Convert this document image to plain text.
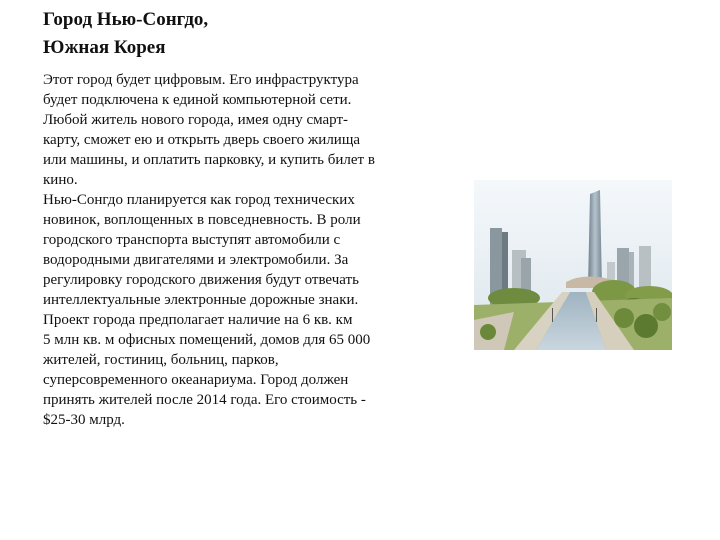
Город Нью-Сонгдо,
Южная Корея

Этот город будет цифровым. Его инфраструктура
будет подключена к единой компьютерной сети.
Любой житель нового города, имея одну смарт-
карту, сможет ею и открыть дверь своего жилища
или машины, и оплатить парковку, и купить билет в
кино.

Нью-Сонгдо планируется как город технических
новинок, воплощенных в повседневность. В роли
городского транспорта выступят автомобили с
водородными двигателями и электромобили. За
регулировку городского движения будут отвечать
интеллектуальные электронные дорожные знаки.

Проект города предполагает наличие на 6 кв. км
5 млн кв. м офисных помещений, домов для 65 000
жителей, гостиниц, больниц, парков,
суперсовременного океанариума. Город должен
принять жителей после 2014 года. Его стоимость -
$25-30 млрд.
